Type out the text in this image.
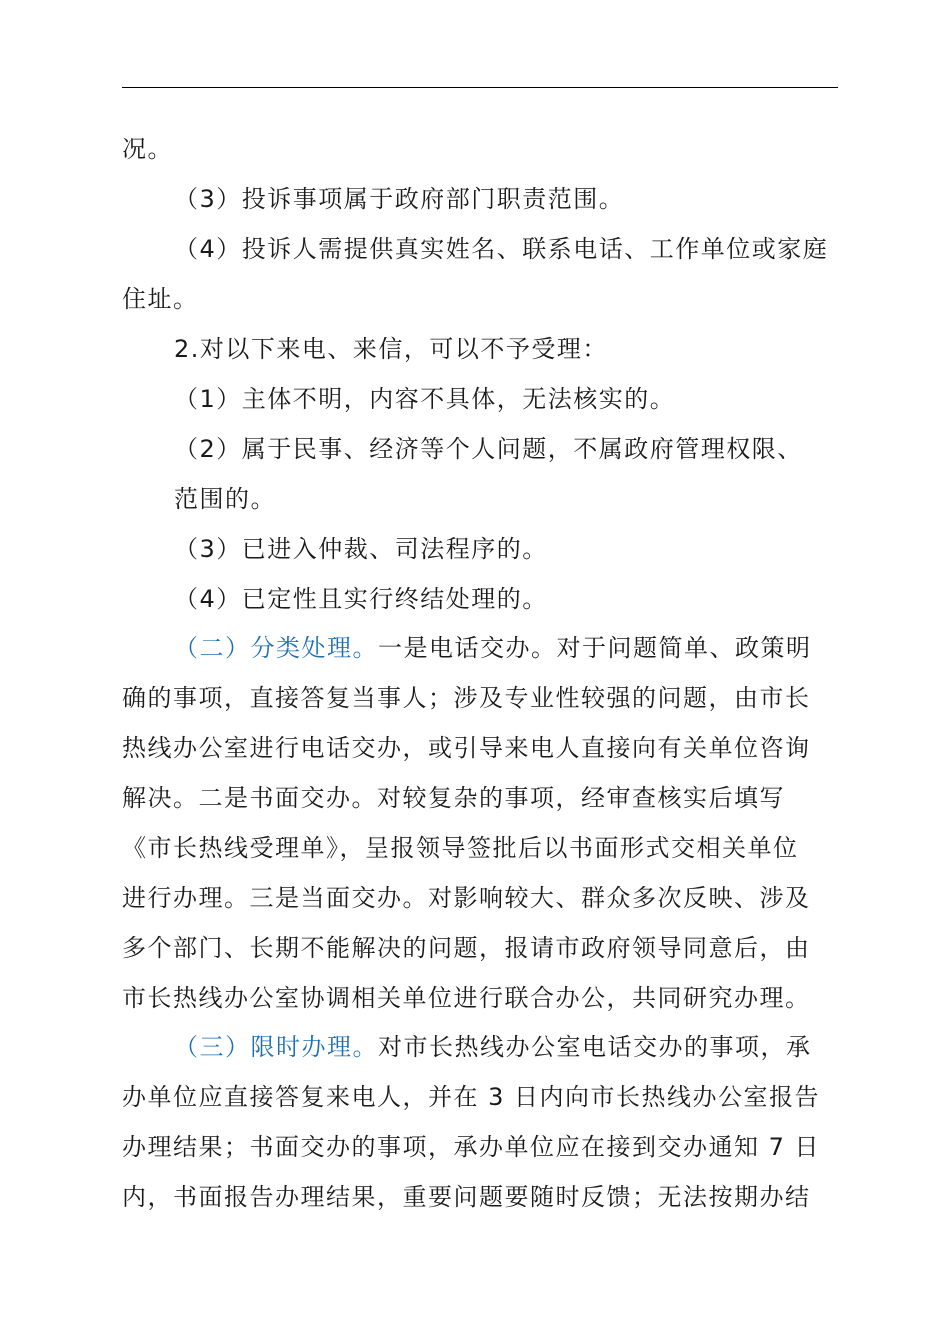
况。

（3）投诉事项属于政府部门职责范围。

（4）投诉人需提供真实姓名、联系电话、工作单位或家庭

住址。

2.对以下来电、来信，可以不予受理：

（1）主体不明，内容不具体，无法核实的。

（2）属于民事、经济等个人问题，不属政府管理权限、

范围的。

（3）已进入仲裁、司法程序的。

（4）已定性且实行终结处理的。

（二）分类处理。一是电话交办。对于问题简单、政策明

确的事项，直接答复当事人；涉及专业性较强的问题，由市长

热线办公室进行电话交办，或引导来电人直接向有关单位咨询

解决。二是书面交办。对较复杂的事项，经审查核实后填写

《市长热线受理单》，呈报领导签批后以书面形式交相关单位

进行办理。三是当面交办。对影响较大、群众多次反映、涉及

多个部门、长期不能解决的问题，报请市政府领导同意后，由

市长热线办公室协调相关单位进行联合办公，共同研究办理。

（三）限时办理。对市长热线办公室电话交办的事项，承

办单位应直接答复来电人，并在 3 日内向市长热线办公室报告

办理结果；书面交办的事项，承办单位应在接到交办通知 7 日

内，书面报告办理结果，重要问题要随时反馈；无法按期办结
